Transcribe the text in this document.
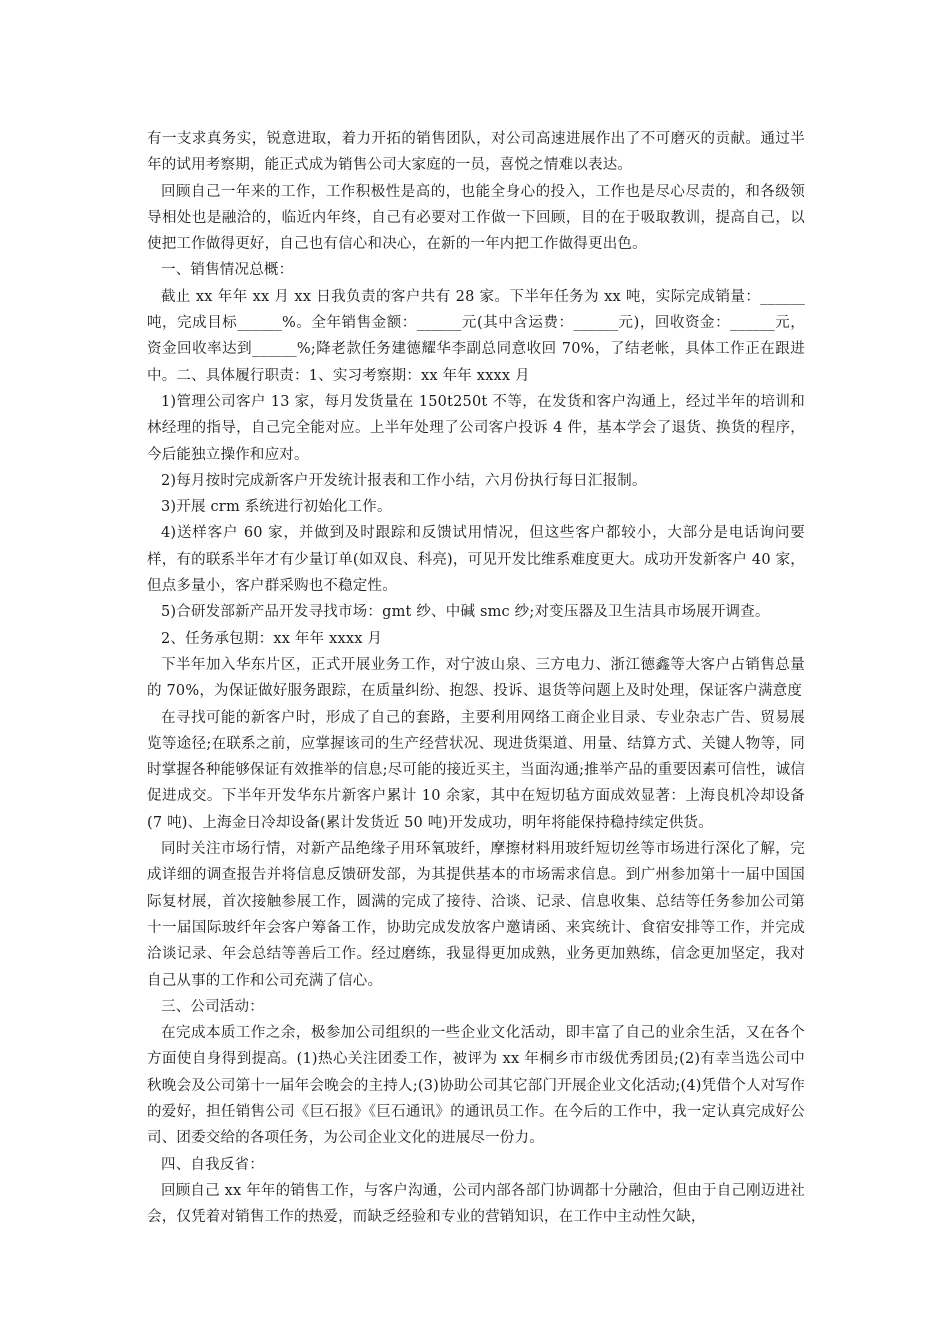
有一支求真务实，锐意进取，着力开拓的销售团队，对公司高速进展作出了不可磨灭的贡献。通过半年的试用考察期，能正式成为销售公司大家庭的一员，喜悦之情难以表达。

回顾自己一年来的工作，工作积极性是高的，也能全身心的投入，工作也是尽心尽责的，和各级领导相处也是融洽的，临近内年终，自己有必要对工作做一下回顾，目的在于吸取教训，提高自己，以使把工作做得更好，自己也有信心和决心，在新的一年内把工作做得更出色。

一、销售情况总概：

截止 xx 年年 xx 月 xx 日我负责的客户共有 28 家。下半年任务为 xx 吨，实际完成销量：______吨，完成目标______%。全年销售金额：______元(其中含运费：______元)，回收资金：______元，资金回收率达到______%;降老款任务建德耀华李副总同意收回 70%，了结老帐，具体工作正在跟进中。二、具体履行职责：1、实习考察期：xx 年年 xxxx 月

1)管理公司客户 13 家，每月发货量在 150t250t 不等，在发货和客户沟通上，经过半年的培训和林经理的指导，自己完全能对应。上半年处理了公司客户投诉 4 件，基本学会了退货、换货的程序，今后能独立操作和应对。

2)每月按时完成新客户开发统计报表和工作小结，六月份执行每日汇报制。

3)开展 crm 系统进行初始化工作。

4)送样客户 60 家，并做到及时跟踪和反馈试用情况，但这些客户都较小，大部分是电话询问要样，有的联系半年才有少量订单(如双良、科亮)，可见开发比维系难度更大。成功开发新客户 40 家，但点多量小，客户群采购也不稳定性。

5)合研发部新产品开发寻找市场：gmt 纱、中碱 smc 纱;对变压器及卫生洁具市场展开调查。

2、任务承包期：xx 年年 xxxx 月

下半年加入华东片区，正式开展业务工作，对宁波山泉、三方电力、浙江德鑫等大客户占销售总量的 70%，为保证做好服务跟踪，在质量纠纷、抱怨、投诉、退货等问题上及时处理，保证客户满意度

在寻找可能的新客户时，形成了自己的套路，主要利用网络工商企业目录、专业杂志广告、贸易展览等途径;在联系之前，应掌握该司的生产经营状况、现进货渠道、用量、结算方式、关键人物等，同时掌握各种能够保证有效推举的信息;尽可能的接近买主，当面沟通;推举产品的重要因素可信性，诚信促进成交。下半年开发华东片新客户累计 10 余家，其中在短切毡方面成效显著：上海良机冷却设备(7 吨)、上海金日冷却设备(累计发货近 50 吨)开发成功，明年将能保持稳持续定供货。

同时关注市场行情，对新产品绝缘子用环氧玻纤，摩擦材料用玻纤短切丝等市场进行深化了解，完成详细的调查报告并将信息反馈研发部，为其提供基本的市场需求信息。到广州参加第十一届中国国际复材展，首次接触参展工作，圆满的完成了接待、洽谈、记录、信息收集、总结等任务参加公司第十一届国际玻纤年会客户筹备工作，协助完成发放客户邀请函、来宾统计、食宿安排等工作，并完成洽谈记录、年会总结等善后工作。经过磨练，我显得更加成熟，业务更加熟练，信念更加坚定，我对自己从事的工作和公司充满了信心。

三、公司活动：

在完成本质工作之余，极参加公司组织的一些企业文化活动，即丰富了自己的业余生活，又在各个方面使自身得到提高。(1)热心关注团委工作，被评为 xx 年桐乡市市级优秀团员;(2)有幸当选公司中秋晚会及公司第十一届年会晚会的主持人;(3)协助公司其它部门开展企业文化活动;(4)凭借个人对写作的爱好，担任销售公司《巨石报》《巨石通讯》的通讯员工作。在今后的工作中，我一定认真完成好公司、团委交给的各项任务，为公司企业文化的进展尽一份力。

四、自我反省：

回顾自己 xx 年年的销售工作，与客户沟通，公司内部各部门协调都十分融洽，但由于自己刚迈进社会，仅凭着对销售工作的热爱，而缺乏经验和专业的营销知识，在工作中主动性欠缺，
